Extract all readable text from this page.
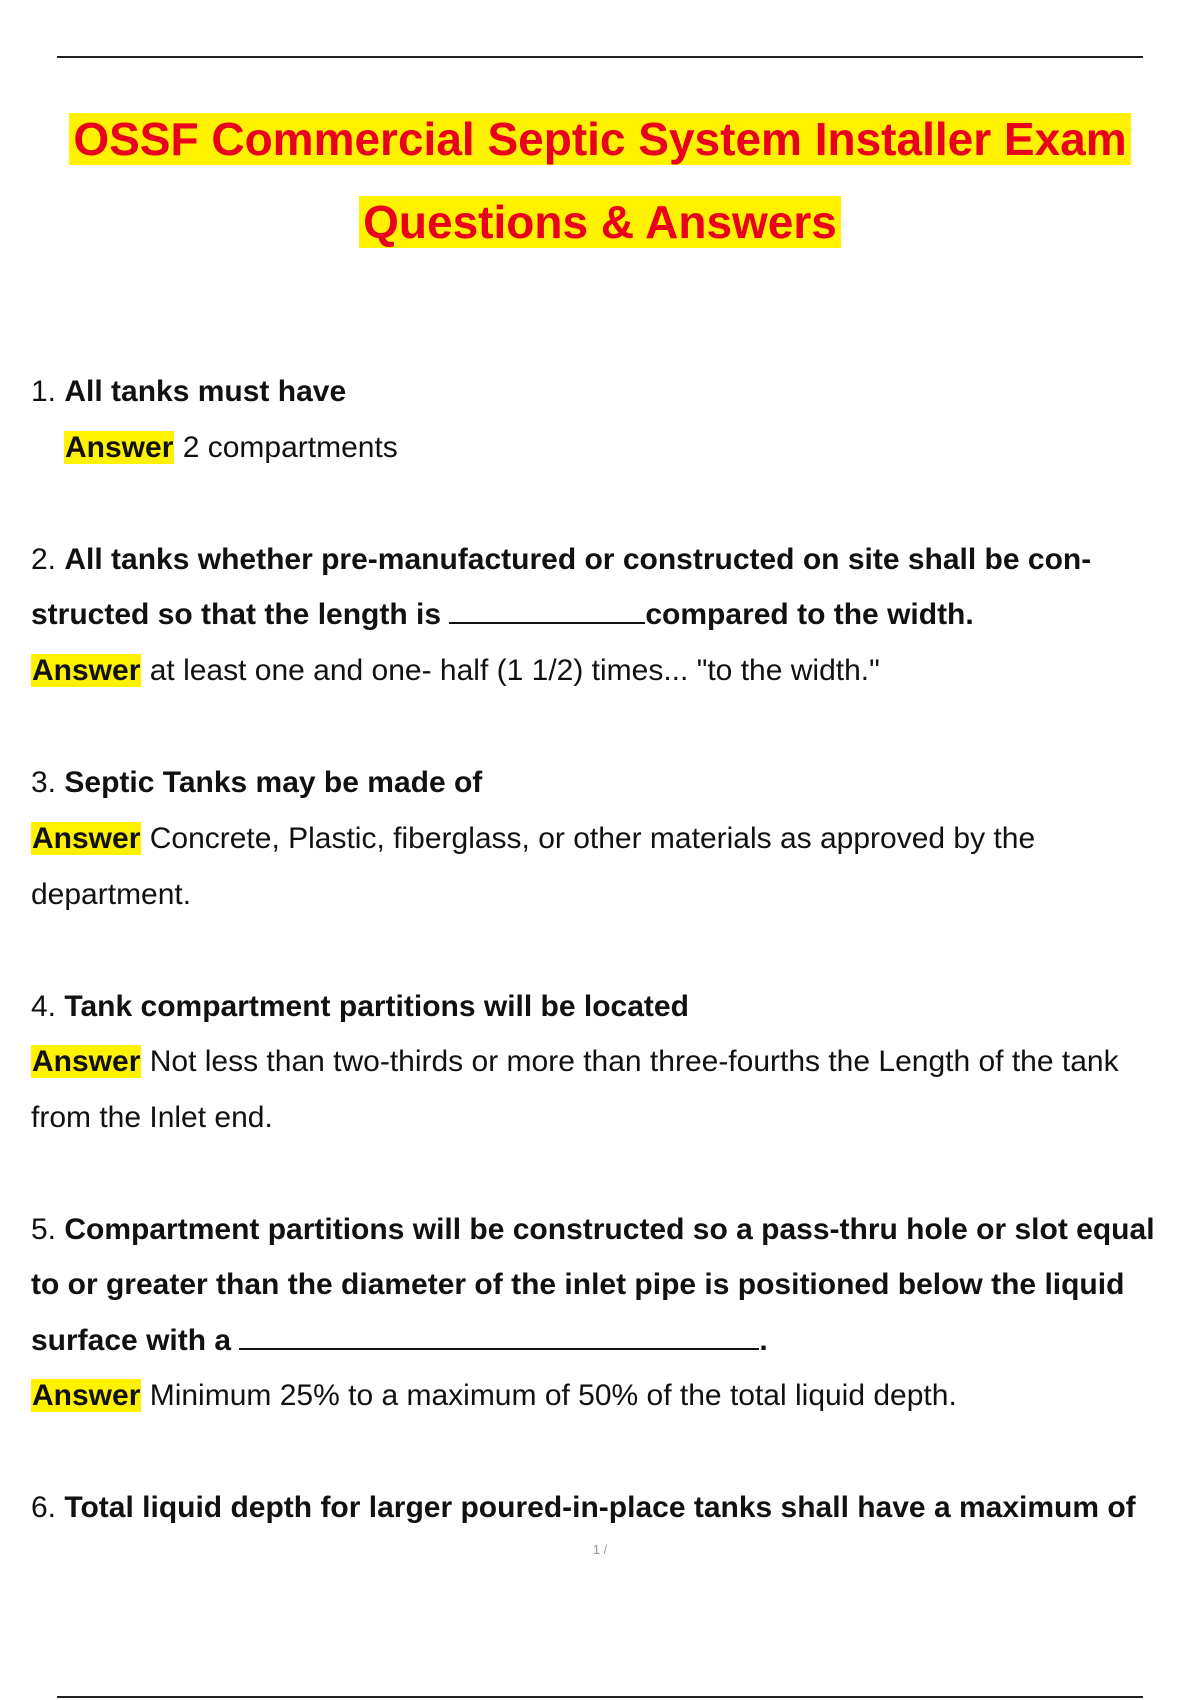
OSSF Commercial Septic System Installer Exam
Questions & Answers
1. All tanks must have
Answer 2 compartments
2. All tanks whether pre-manufactured or constructed on site shall be con-
structed so that the length is	compared to the width.
Answer at least one and one- half (1 1/2) times... "to the width."
3. Septic Tanks may be made of
Answer Concrete, Plastic, fiberglass, or other materials as approved by the
department.
4. Tank compartment partitions will be located
Answer Not less than two-thirds or more than three-fourths the Length of the tank
from the Inlet end.
5. Compartment partitions will be constructed so a pass-thru hole or slot equal
to or greater than the diameter of the inlet pipe is positioned below the liquid
surface with a	.
Answer Minimum 25% to a maximum of 50% of the total liquid depth.
6. Total liquid depth for larger poured-in-place tanks shall have a maximum of
1 /
